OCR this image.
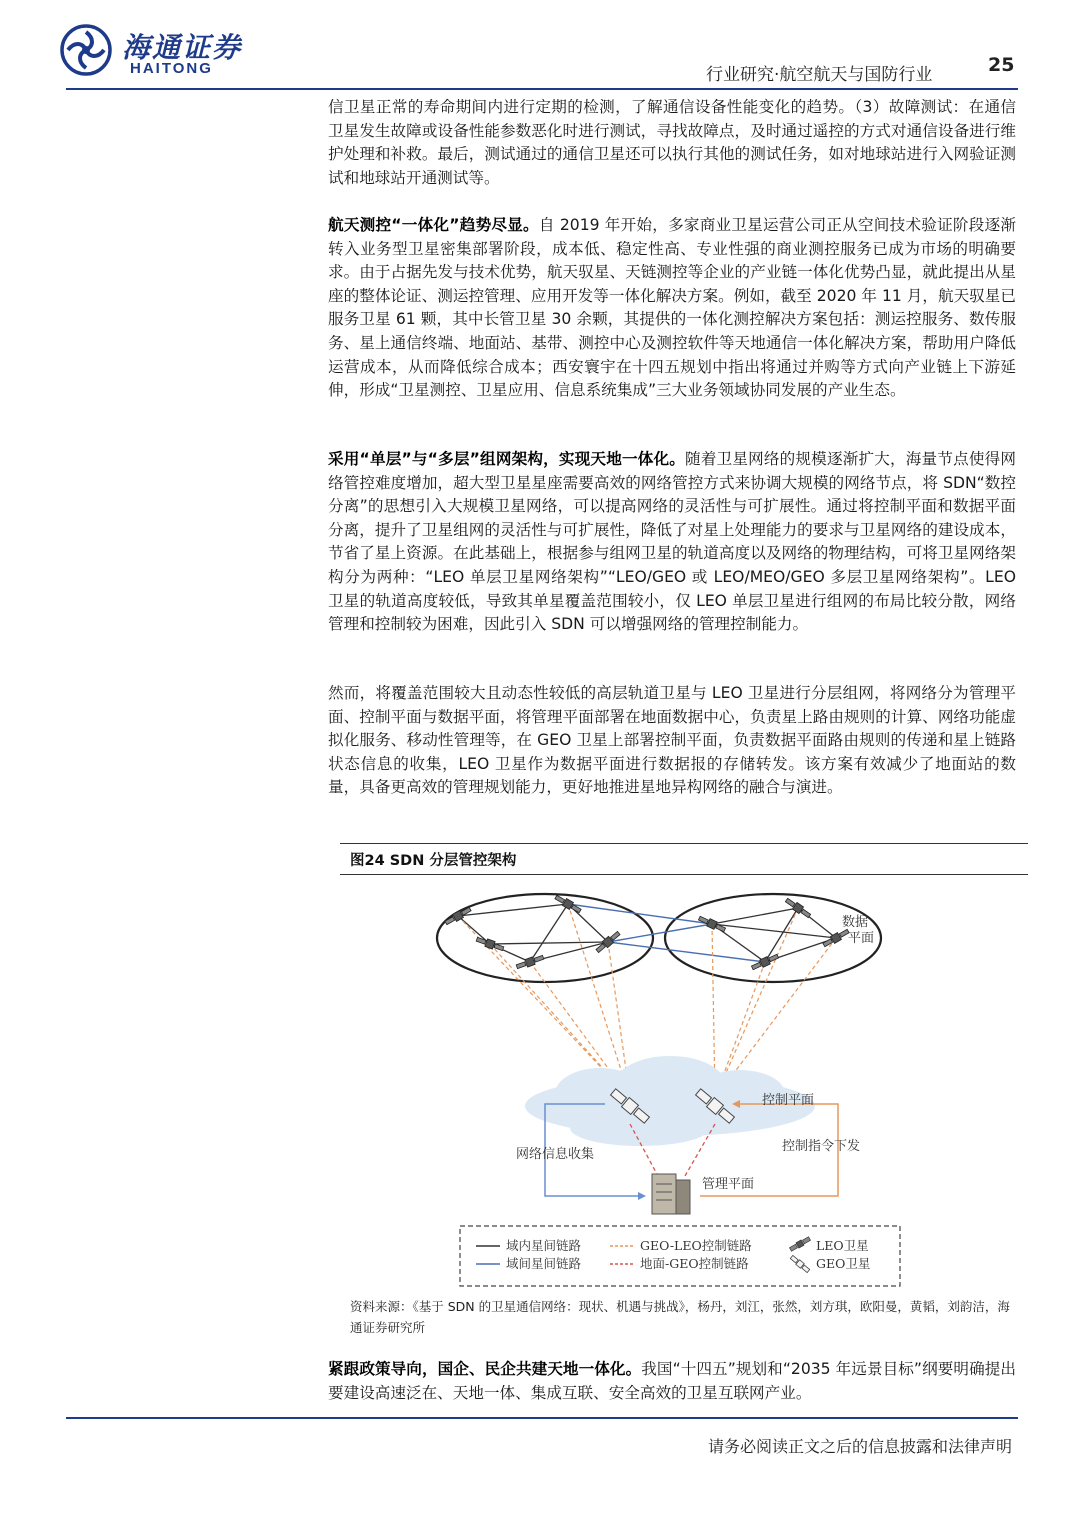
海通证券
HAITONG	行业研究·航空航天与国防行业	25

信卫星正常的寿命期间内进行定期的检测，了解通信设备性能变化的趋势。（3）故障测试：在通信卫星发生故障或设备性能参数恶化时进行测试，寻找故障点，及时通过遥控的方式对通信设备进行维护处理和补救。最后，测试通过的通信卫星还可以执行其他的测试任务，如对地球站进行入网验证测试和地球站开通测试等。

航天测控“一体化”趋势尽显。自 2019 年开始，多家商业卫星运营公司正从空间技术验证阶段逐渐转入业务型卫星密集部署阶段，成本低、稳定性高、专业性强的商业测控服务已成为市场的明确要求。由于占据先发与技术优势，航天驭星、天链测控等企业的产业链一体化优势凸显，就此提出从星座的整体论证、测运控管理、应用开发等一体化解决方案。例如，截至 2020 年 11 月，航天驭星已服务卫星 61 颗，其中长管卫星 30 余颗，其提供的一体化测控解决方案包括：测运控服务、数传服务、星上通信终端、地面站、基带、测控中心及测控软件等天地通信一体化解决方案，帮助用户降低运营成本，从而降低综合成本；西安寰宇在十四五规划中指出将通过并购等方式向产业链上下游延伸，形成“卫星测控、卫星应用、信息系统集成”三大业务领域协同发展的产业生态。

采用“单层”与“多层”组网架构，实现天地一体化。随着卫星网络的规模逐渐扩大，海量节点使得网络管控难度增加，超大型卫星星座需要高效的网络管控方式来协调大规模的网络节点，将 SDN“数控分离”的思想引入大规模卫星网络，可以提高网络的灵活性与可扩展性。通过将控制平面和数据平面分离，提升了卫星组网的灵活性与可扩展性，降低了对星上处理能力的要求与卫星网络的建设成本，节省了星上资源。在此基础上，根据参与组网卫星的轨道高度以及网络的物理结构，可将卫星网络架构分为两种：“LEO 单层卫星网络架构”“LEO/GEO 或 LEO/MEO/GEO 多层卫星网络架构”。LEO 卫星的轨道高度较低，导致其单星覆盖范围较小，仅 LEO 单层卫星进行组网的布局比较分散，网络管理和控制较为困难，因此引入 SDN 可以增强网络的管理控制能力。

然而，将覆盖范围较大且动态性较低的高层轨道卫星与 LEO 卫星进行分层组网，将网络分为管理平面、控制平面与数据平面，将管理平面部署在地面数据中心，负责星上路由规则的计算、网络功能虚拟化服务、移动性管理等，在 GEO 卫星上部署控制平面，负责数据平面路由规则的传递和星上链路状态信息的收集，LEO 卫星作为数据平面进行数据报的存储转发。该方案有效减少了地面站的数量，具备更高效的管理规划能力，更好地推进星地异构网络的融合与演进。

图24 SDN 分层管控架构
数据平面
控制平面
网络信息收集
控制指令下发
管理平面
域内星间链路
域间星间链路
GEO-LEO控制链路
地面-GEO控制链路
LEO卫星
GEO卫星
资料来源：《基于 SDN 的卫星通信网络：现状、机遇与挑战》，杨丹，刘江，张然，刘方琪，欧阳曼，黄韬，刘韵洁，海通证券研究所

紧跟政策导向，国企、民企共建天地一体化。我国“十四五”规划和“2035 年远景目标”纲要明确提出要建设高速泛在、天地一体、集成互联、安全高效的卫星互联网产业。

请务必阅读正文之后的信息披露和法律声明
